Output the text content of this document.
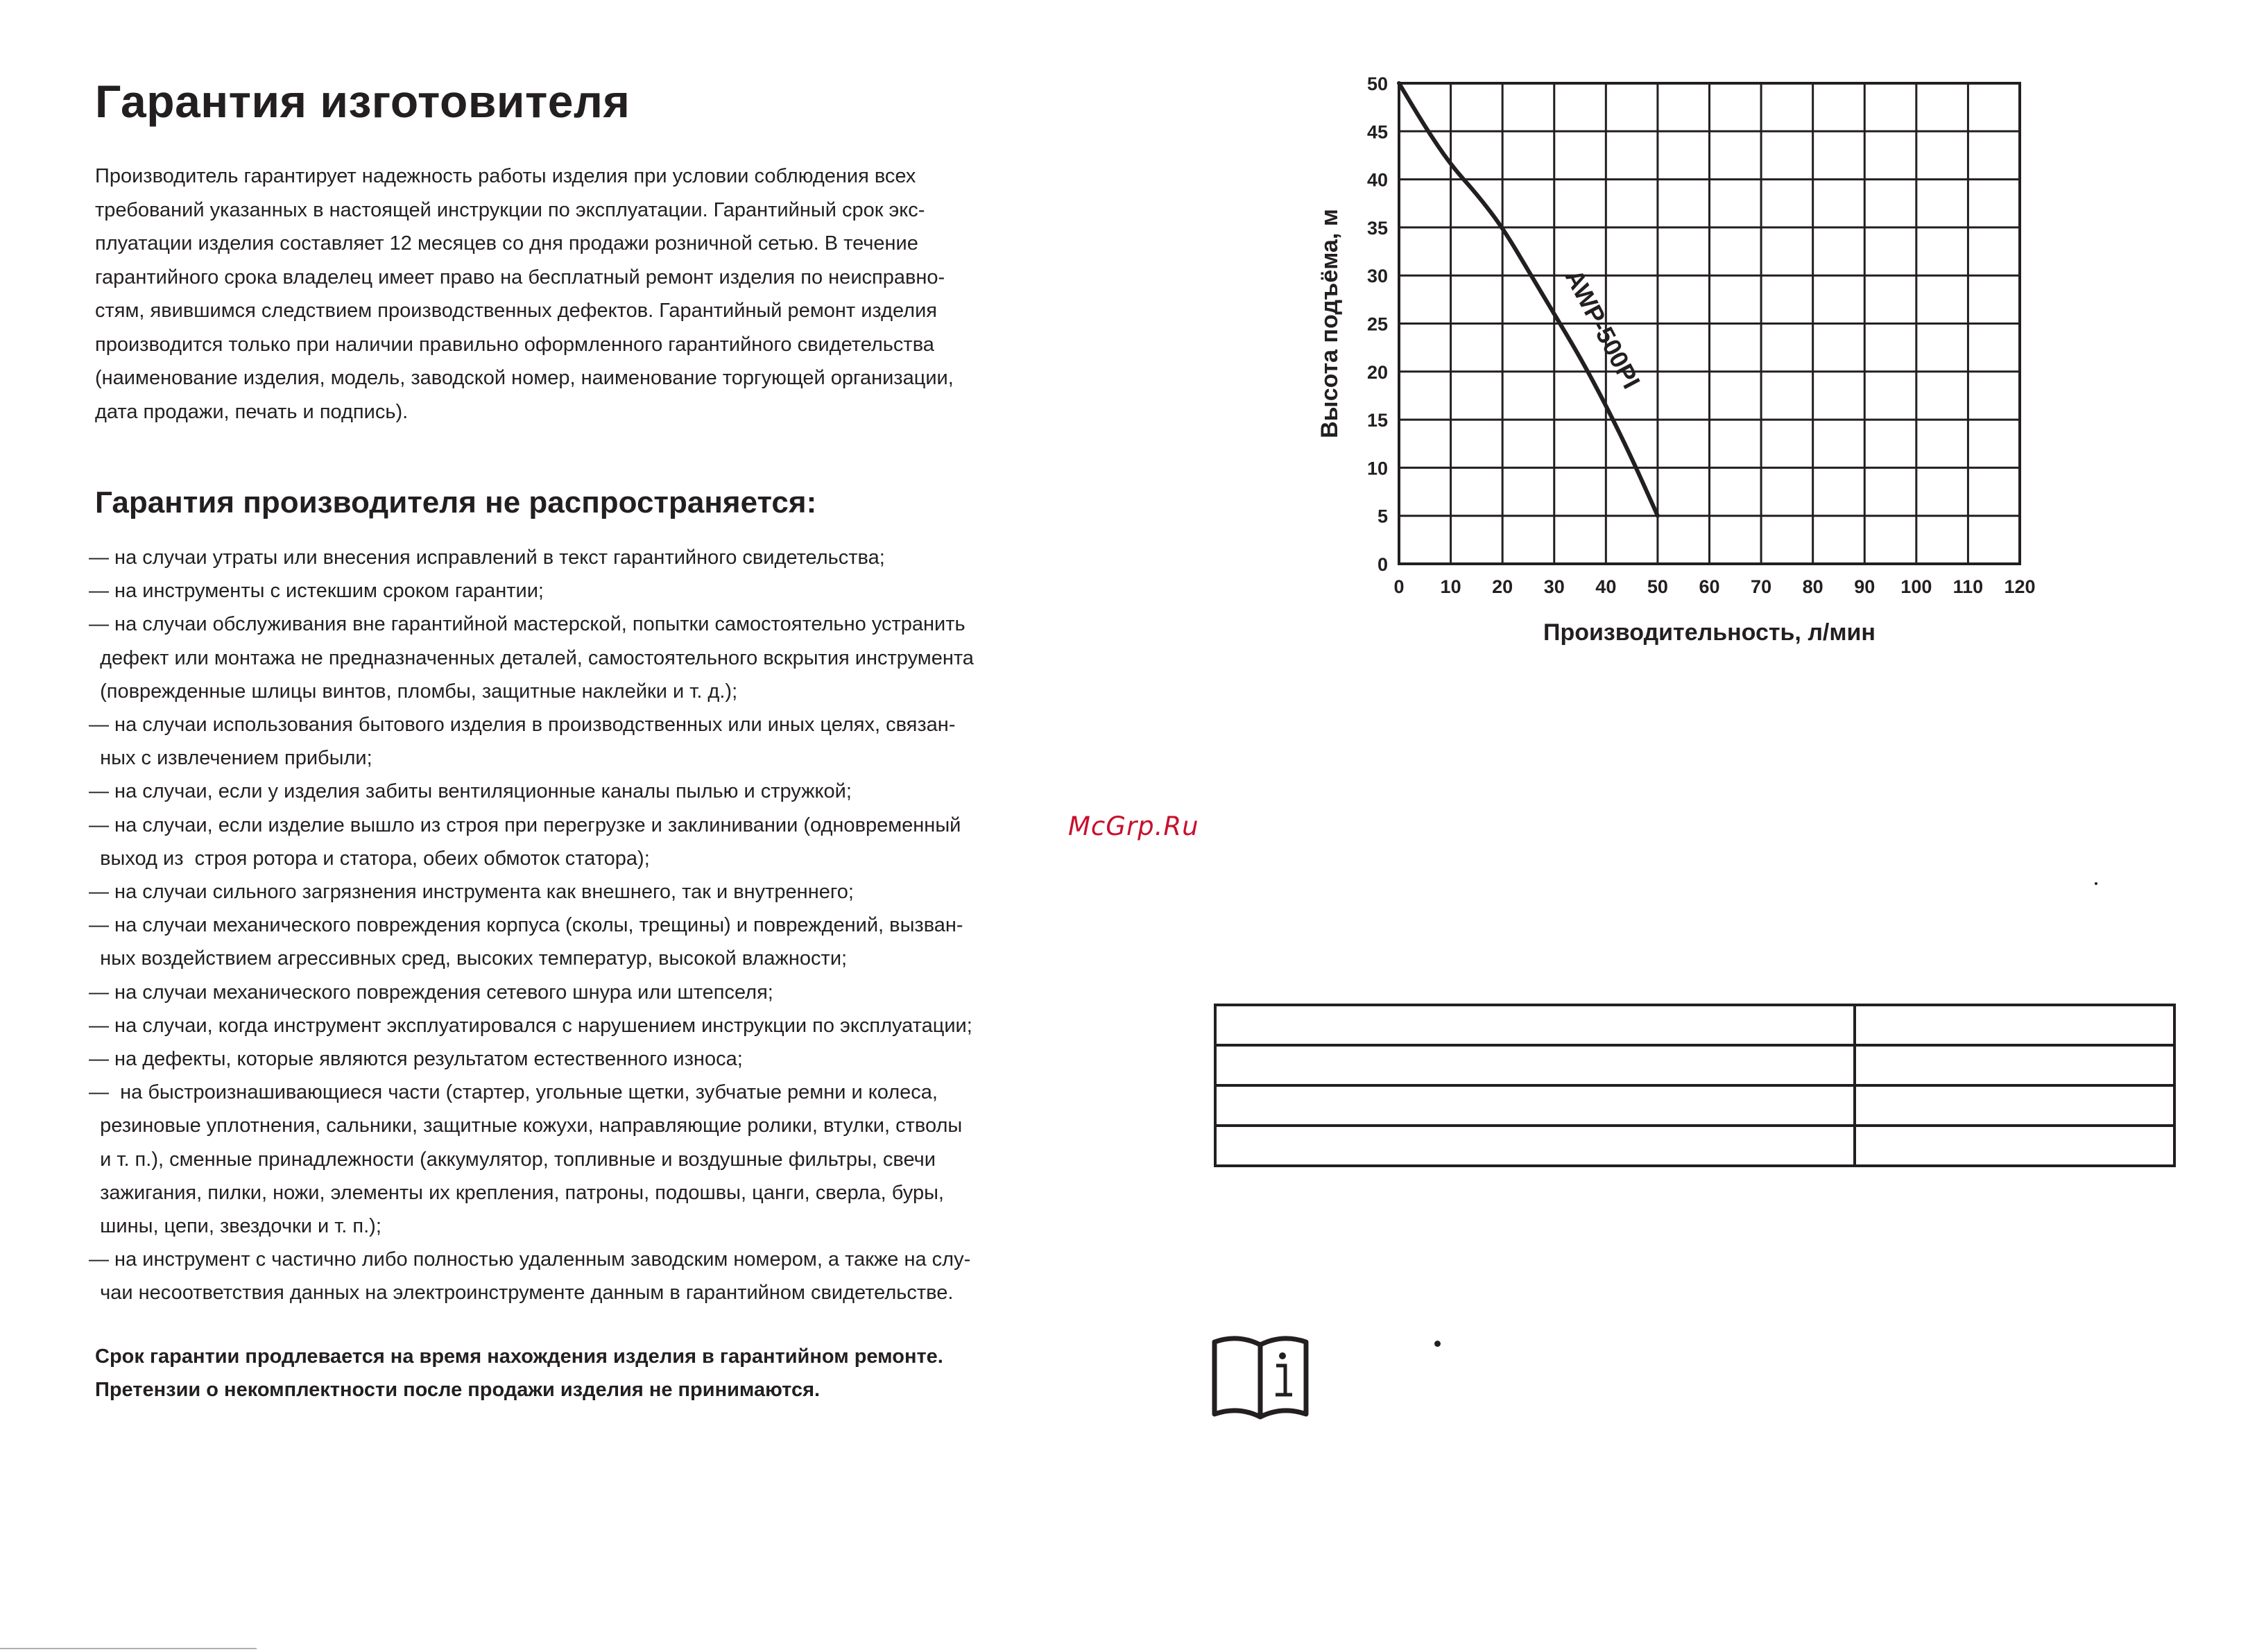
Гарантия изготовителя
Производитель гарантирует надежность работы изделия при условии соблюдения всех
требований указанных в настоящей инструкции по эксплуатации. Гарантийный срок экс-
плуатации изделия составляет 12 месяцев со дня продажи розничной сетью. В течение
гарантийного срока владелец имеет право на бесплатный ремонт изделия по неисправно-
стям, явившимся следствием производственных дефектов. Гарантийный ремонт изделия
производится только при наличии правильно оформленного гарантийного свидетельства
(наименование изделия, модель, заводской номер, наименование торгующей организации,
дата продажи, печать и подпись).
Гарантия производителя не распространяется:
— на случаи утраты или внесения исправлений в текст гарантийного свидетельства;
— на инструменты с истекшим сроком гарантии;
— на случаи обслуживания вне гарантийной мастерской, попытки самостоятельно устранить
дефект или монтажа не предназначенных деталей, самостоятельного вскрытия инструмента
(поврежденные шлицы винтов, пломбы, защитные наклейки и т. д.);
— на случаи использования бытового изделия в производственных или иных целях, связан-
ных с извлечением прибыли;
— на случаи, если у изделия забиты вентиляционные каналы пылью и стружкой;
— на случаи, если изделие вышло из строя при перегрузке и заклинивании (одновременный
выход из  строя ротора и статора, обеих обмоток статора);
— на случаи сильного загрязнения инструмента как внешнего, так и внутреннего;
— на случаи механического повреждения корпуса (сколы, трещины) и повреждений, вызван-
ных воздействием агрессивных сред, высоких температур, высокой влажности;
— на случаи механического повреждения сетевого шнура или штепселя;
— на случаи, когда инструмент эксплуатировался с нарушением инструкции по эксплуатации;
— на дефекты, которые являются результатом естественного износа;
—  на быстроизнашивающиеся части (стартер, угольные щетки, зубчатые ремни и колеса,
резиновые уплотнения, сальники, защитные кожухи, направляющие ролики, втулки, стволы
и т. п.), сменные принадлежности (аккумулятор, топливные и воздушные фильтры, свечи
зажигания, пилки, ножи, элементы их крепления, патроны, подошвы, цанги, сверла, буры,
шины, цепи, звездочки и т. п.);
— на инструмент с частично либо полностью удаленным заводским номером, а также на слу-
чаи несоответствия данных на электроинструменте данным в гарантийном свидетельстве.
Срок гарантии продлевается на время нахождения изделия в гарантийном ремонте.
Претензии о некомплектности после продажи изделия не принимаются.
McGrp.Ru
0 10 20 30 40 50 60 70 80 90 100 110 120
0
5
10
15
20
25
30
35
40
45
50
Производительность, л/мин
Высота подъёма, м	AWP-500PI
